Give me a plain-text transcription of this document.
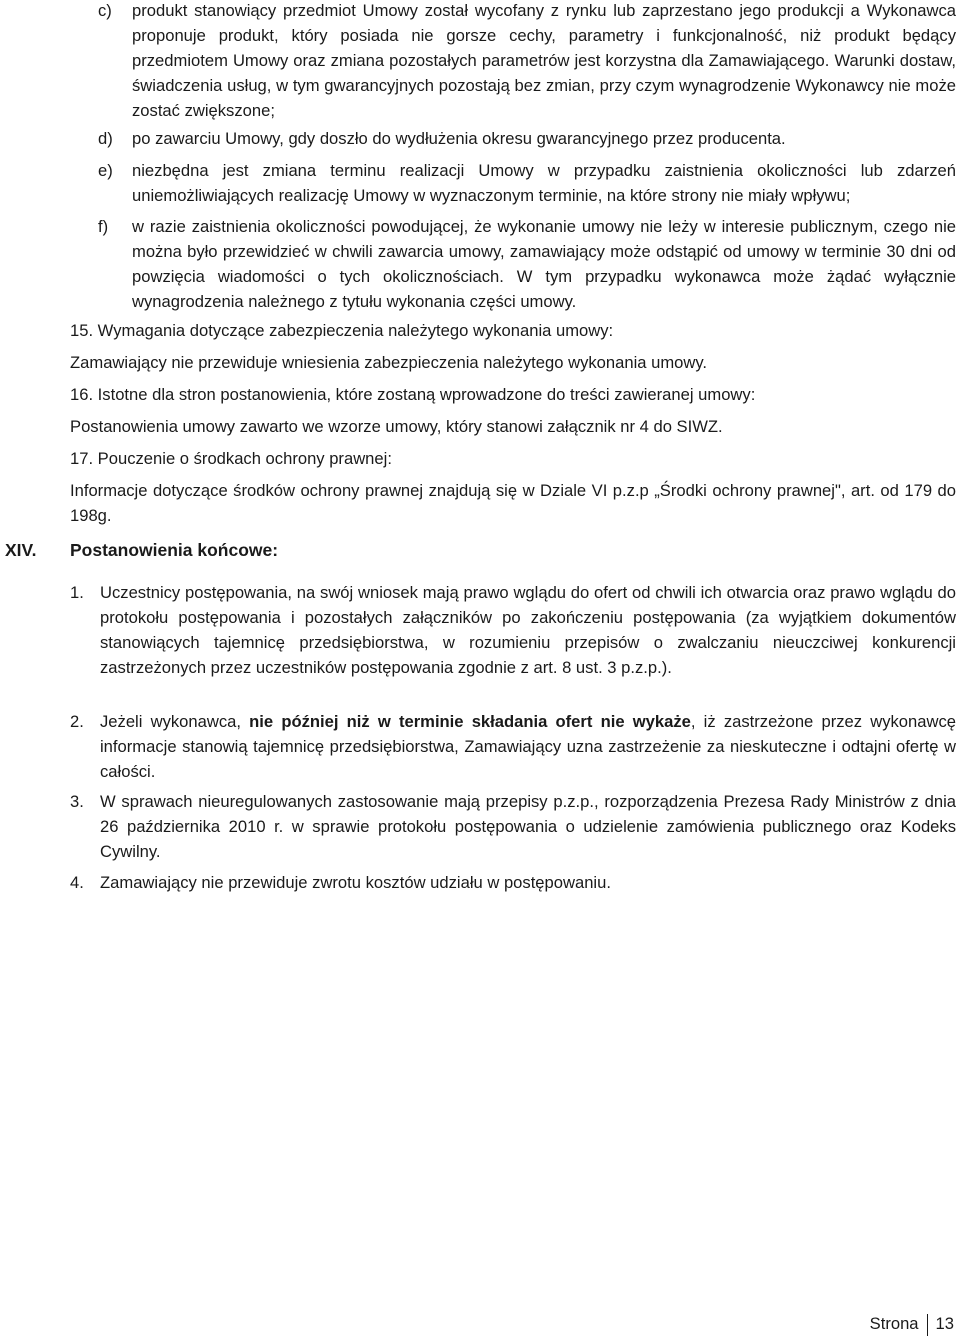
c) produkt stanowiący przedmiot Umowy został wycofany z rynku lub zaprzestano jego produkcji a Wykonawca proponuje produkt, który posiada nie gorsze cechy, parametry i funkcjonalność, niż produkt będący przedmiotem Umowy oraz zmiana pozostałych parametrów jest korzystna dla Zamawiającego. Warunki dostaw, świadczenia usług, w tym gwarancyjnych pozostają bez zmian, przy czym wynagrodzenie Wykonawcy nie może zostać zwiększone;
d) po zawarciu Umowy, gdy doszło do wydłużenia okresu gwarancyjnego przez producenta.
e) niezbędna jest zmiana terminu realizacji Umowy w przypadku zaistnienia okoliczności lub zdarzeń uniemożliwiających realizację Umowy w wyznaczonym terminie, na które strony nie miały wpływu;
f) w razie zaistnienia okoliczności powodującej, że wykonanie umowy nie leży w interesie publicznym, czego nie można było przewidzieć w chwili zawarcia umowy, zamawiający może odstąpić od umowy w terminie 30 dni od powzięcia wiadomości o tych okolicznościach. W tym przypadku wykonawca może żądać wyłącznie wynagrodzenia należnego z tytułu wykonania części umowy.
15. Wymagania dotyczące zabezpieczenia należytego wykonania umowy:
Zamawiający nie przewiduje wniesienia zabezpieczenia należytego wykonania umowy.
16. Istotne dla stron postanowienia, które zostaną wprowadzone do treści zawieranej umowy:
Postanowienia umowy zawarto we wzorze umowy, który stanowi załącznik nr 4 do SIWZ.
17. Pouczenie o środkach ochrony prawnej:
Informacje dotyczące środków ochrony prawnej znajdują się w Dziale VI p.z.p „Środki ochrony prawnej", art. od 179 do 198g.
XIV. Postanowienia końcowe:
1. Uczestnicy postępowania, na swój wniosek mają prawo wglądu do ofert od chwili ich otwarcia oraz prawo wglądu do protokołu postępowania i pozostałych załączników po zakończeniu postępowania (za wyjątkiem dokumentów stanowiących tajemnicę przedsiębiorstwa, w rozumieniu przepisów o zwalczaniu nieuczciwej konkurencji zastrzeżonych przez uczestników postępowania zgodnie z art. 8 ust. 3 p.z.p.).
2. Jeżeli wykonawca, nie później niż w terminie składania ofert nie wykaże, iż zastrzeżone przez wykonawcę informacje stanowią tajemnicę przedsiębiorstwa, Zamawiający uzna zastrzeżenie za nieskuteczne i odtajni ofertę w całości.
3. W sprawach nieuregulowanych zastosowanie mają przepisy p.z.p., rozporządzenia Prezesa Rady Ministrów z dnia 26 października 2010 r. w sprawie protokołu postępowania o udzielenie zamówienia publicznego oraz Kodeks Cywilny.
4. Zamawiający nie przewiduje zwrotu kosztów udziału w postępowaniu.
Strona 13
